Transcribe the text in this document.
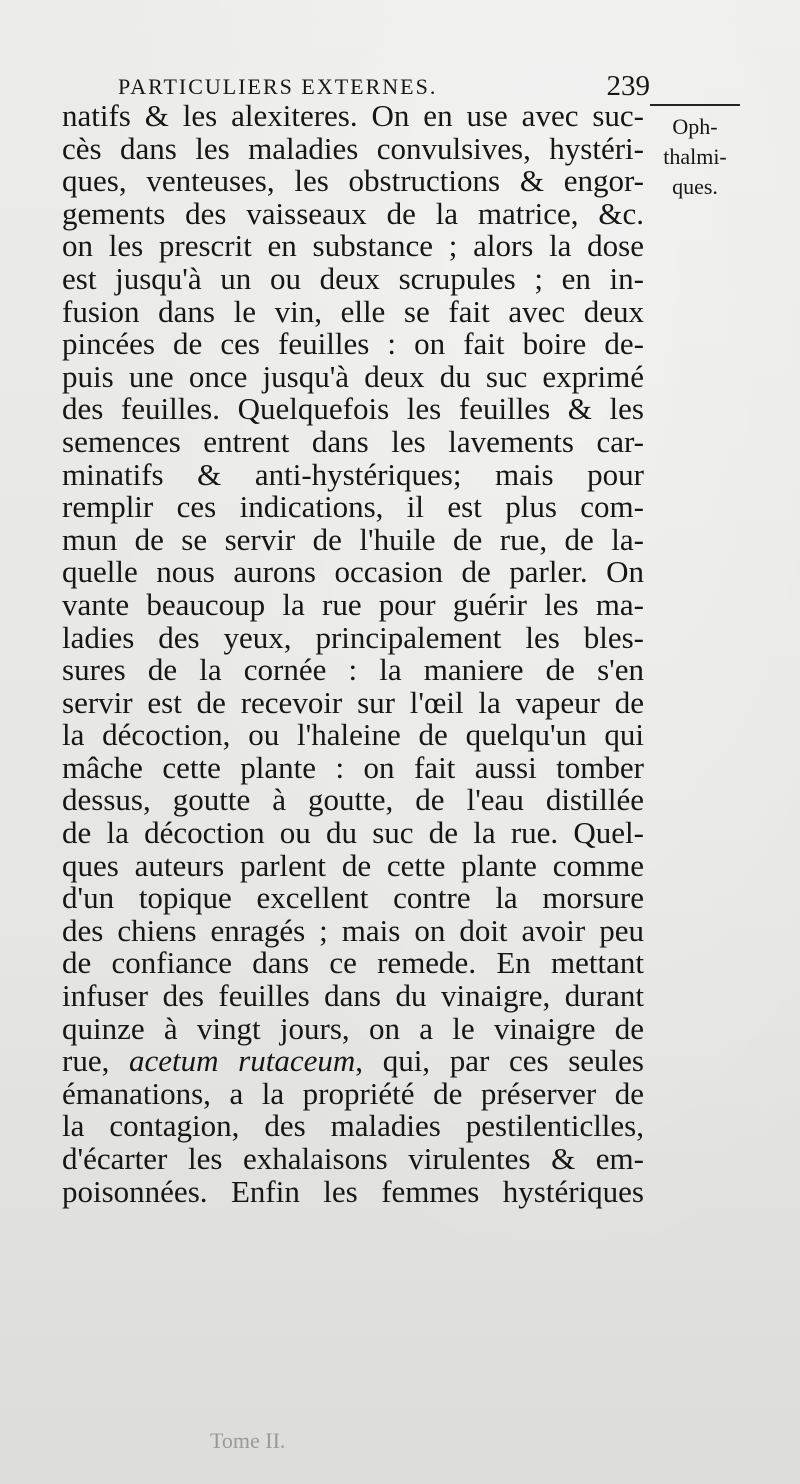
PARTICULIERS EXTERNES.	239
Oph-
thalmi-
ques.
natifs & les alexiteres. On en use avec suc-
cès dans les maladies convulsives, hystéri-
ques, venteuses, les obstructions & engor-
gements des vaisseaux de la matrice, &c.
on les prescrit en substance ; alors la dose
est jusqu'à un ou deux scrupules ; en in-
fusion dans le vin, elle se fait avec deux
pincées de ces feuilles : on fait boire de-
puis une once jusqu'à deux du suc exprimé
des feuilles. Quelquefois les feuilles & les
semences entrent dans les lavements car-
minatifs & anti-hystériques; mais pour
remplir ces indications, il est plus com-
mun de se servir de l'huile de rue, de la-
quelle nous aurons occasion de parler. On
vante beaucoup la rue pour guérir les ma-
ladies des yeux, principalement les bles-
sures de la cornée : la maniere de s'en
servir est de recevoir sur l'œil la vapeur de
la décoction, ou l'haleine de quelqu'un qui
mâche cette plante : on fait aussi tomber
dessus, goutte à goutte, de l'eau distillée
de la décoction ou du suc de la rue. Quel-
ques auteurs parlent de cette plante comme
d'un topique excellent contre la morsure
des chiens enragés ; mais on doit avoir peu
de confiance dans ce remede. En mettant
infuser des feuilles dans du vinaigre, durant
quinze à vingt jours, on a le vinaigre de
rue, acetum rutaceum, qui, par ces seules
émanations, a la propriété de préserver de
la contagion, des maladies pestilenticlles,
d'écarter les exhalaisons virulentes & em-
poisonnées. Enfin les femmes hystériques
Tome II.
